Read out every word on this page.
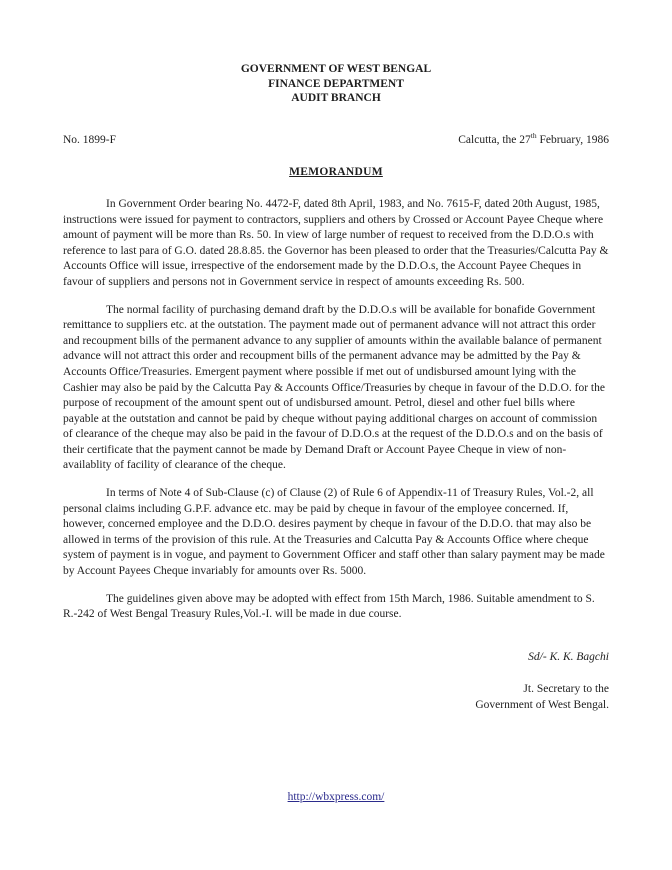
GOVERNMENT OF WEST BENGAL
FINANCE DEPARTMENT
AUDIT BRANCH
No. 1899-F	Calcutta, the 27th February, 1986
MEMORANDUM

In Government Order bearing No. 4472-F, dated 8th April, 1983, and No. 7615-F, dated 20th August, 1985, instructions were issued for payment to contractors, suppliers and others by Crossed or Account Payee Cheque where amount of payment will be more than Rs. 50. In view of large number of request to received from the D.D.O.s with reference to last para of G.O. dated 28.8.85. the Governor has been pleased to order that the Treasuries/Calcutta Pay & Accounts Office will issue, irrespective of the endorsement made by the D.D.O.s, the Account Payee Cheques in favour of suppliers and persons not in Government service in respect of amounts exceeding Rs. 500.

The normal facility of purchasing demand draft by the D.D.O.s will be available for bonafide Government remittance to suppliers etc. at the outstation. The payment made out of permanent advance will not attract this order and recoupment bills of the permanent advance to any supplier of amounts within the available balance of permanent advance will not attract this order and recoupment bills of the permanent advance may be admitted by the Pay & Accounts Office/Treasuries. Emergent payment where possible if met out of undisbursed amount lying with the Cashier may also be paid by the Calcutta Pay & Accounts Office/Treasuries by cheque in favour of the D.D.O. for the purpose of recoupment of the amount spent out of undisbursed amount. Petrol, diesel and other fuel bills where payable at the outstation and cannot be paid by cheque without paying additional charges on account of commission of clearance of the cheque may also be paid in the favour of D.D.O.s at the request of the D.D.O.s and on the basis of their certificate that the payment cannot be made by Demand Draft or Account Payee Cheque in view of non-availablity of facility of clearance of the cheque.

In terms of Note 4 of Sub-Clause (c) of Clause (2) of Rule 6 of Appendix-11 of Treasury Rules, Vol.-2, all personal claims including G.P.F. advance etc. may be paid by cheque in favour of the employee concerned. If, however, concerned employee and the D.D.O. desires payment by cheque in favour of the D.D.O. that may also be allowed in terms of the provision of this rule. At the Treasuries and Calcutta Pay & Accounts Office where cheque system of payment is in vogue, and payment to Government Officer and staff other than salary payment may be made by Account Payees Cheque invariably for amounts over Rs. 5000.

The guidelines given above may be adopted with effect from 15th March, 1986. Suitable amendment to S. R.-242 of West Bengal Treasury Rules,Vol.-I. will be made in due course.

Sd/- K. K. Bagchi
Jt. Secretary to the
Government of West Bengal.
http://wbxpress.com/
